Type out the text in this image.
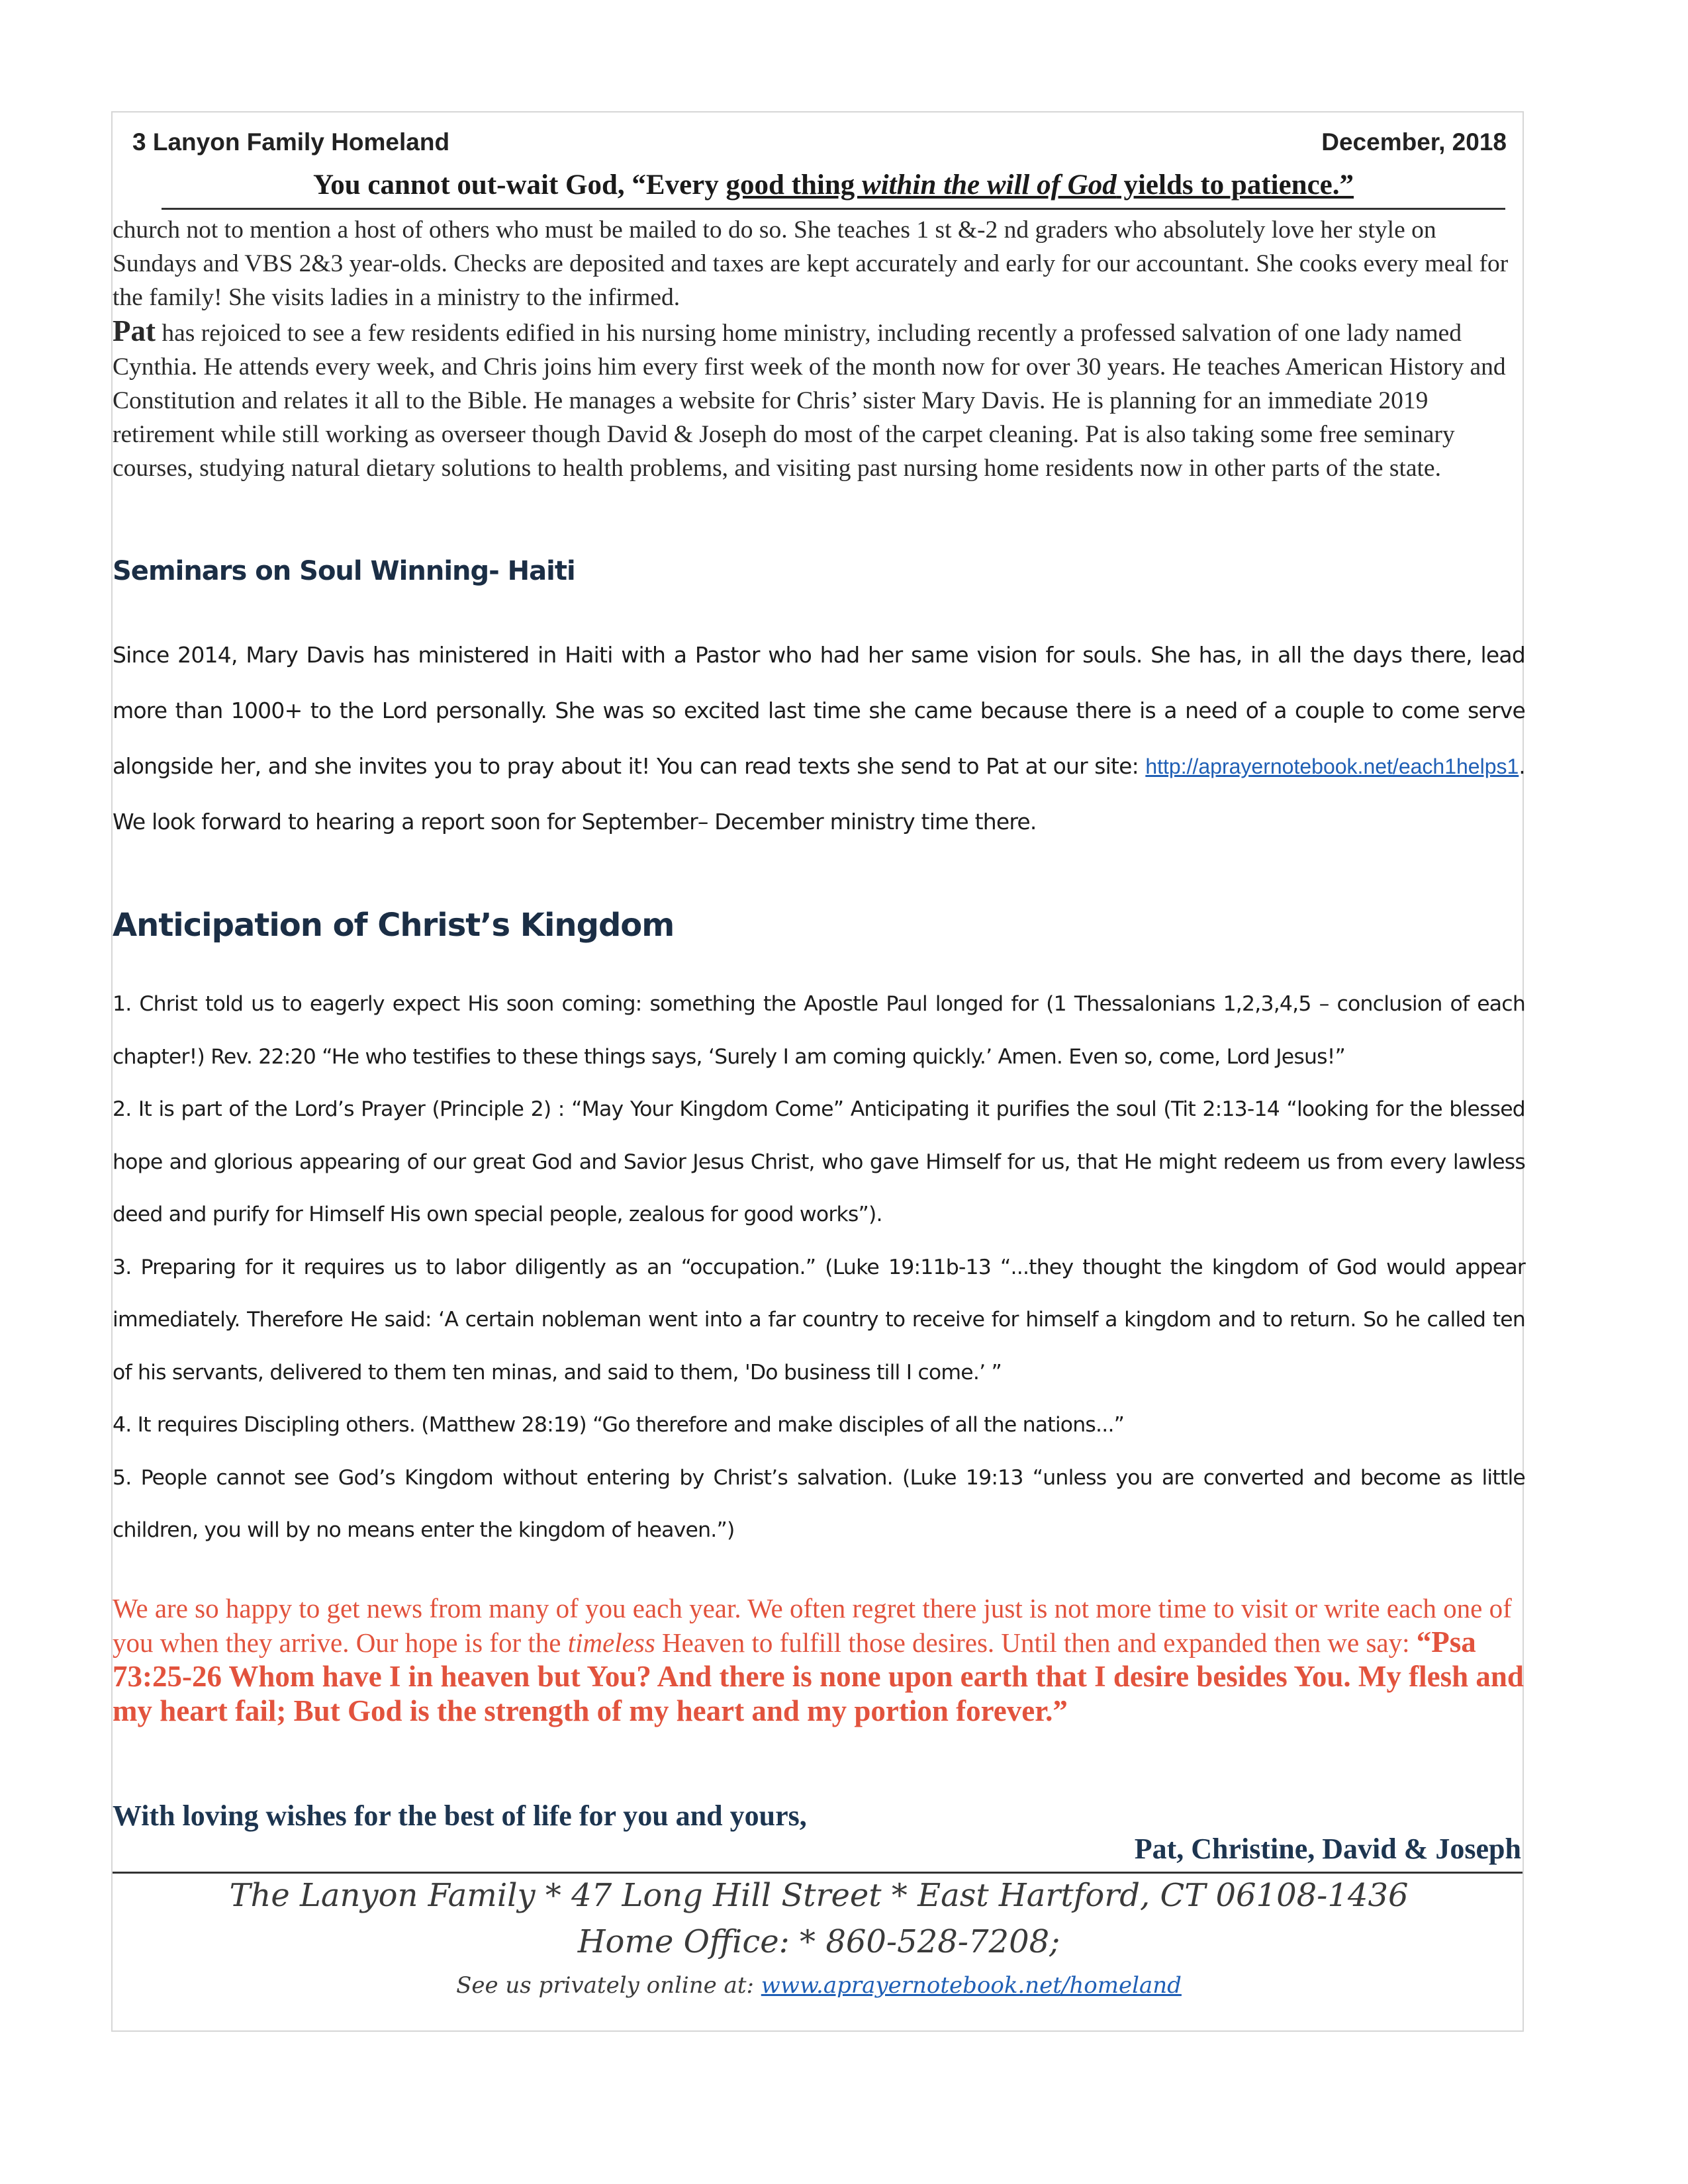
3 Lanyon Family Homeland	December, 2018
You cannot out-wait God, “Every good thing within the will of God yields to patience.”

church not to mention a host of others who must be mailed to do so. She teaches 1 st &-2 nd graders who absolutely love her style on Sundays and VBS 2&3 year-olds. Checks are deposited and taxes are kept accurately and early for our accountant. She cooks every meal for the family! She visits ladies in a ministry to the infirmed.

Pat has rejoiced to see a few residents edified in his nursing home ministry, including recently a professed salvation of one lady named Cynthia. He attends every week, and Chris joins him every first week of the month now for over 30 years. He teaches American History and Constitution and relates it all to the Bible. He manages a website for Chris’ sister Mary Davis. He is planning for an immediate 2019 retirement while still working as overseer though David & Joseph do most of the carpet cleaning. Pat is also taking some free seminary courses, studying natural dietary solutions to health problems, and visiting past nursing home residents now in other parts of the state.

Seminars on Soul Winning- Haiti

Since 2014, Mary Davis has ministered in Haiti with a Pastor who had her same vision for souls. She has, in all the days there, lead more than 1000+ to the Lord personally. She was so excited last time she came because there is a need of a couple to come serve alongside her, and she invites you to pray about it! You can read texts she send to Pat at our site: http://aprayernotebook.net/each1helps1. We look forward to hearing a report soon for September– December ministry time there.

Anticipation of Christ’s Kingdom

1. Christ told us to eagerly expect His soon coming: something the Apostle Paul longed for (1 Thessalonians 1,2,3,4,5 – conclusion of each chapter!) Rev. 22:20 “He who testifies to these things says, ‘Surely I am coming quickly.’ Amen. Even so, come, Lord Jesus!”

2. It is part of the Lord’s Prayer (Principle 2) : “May Your Kingdom Come” Anticipating it purifies the soul (Tit 2:13-14 “looking for the blessed hope and glorious appearing of our great God and Savior Jesus Christ, who gave Himself for us, that He might redeem us from every lawless deed and purify for Himself His own special people, zealous for good works”).

3. Preparing for it requires us to labor diligently as an “occupation.” (Luke 19:11b-13 “...they thought the kingdom of God would appear immediately. Therefore He said: ‘A certain nobleman went into a far country to receive for himself a kingdom and to return. So he called ten of his servants, delivered to them ten minas, and said to them, 'Do business till I come.’ ”

4. It requires Discipling others. (Matthew 28:19) “Go therefore and make disciples of all the nations...”

5. People cannot see God’s Kingdom without entering by Christ’s salvation. (Luke 19:13 “unless you are converted and become as little children, you will by no means enter the kingdom of heaven.”)

We are so happy to get news from many of you each year. We often regret there just is not more time to visit or write each one of you when they arrive. Our hope is for the timeless Heaven to fulfill those desires. Until then and expanded then we say: “Psa 73:25-26 Whom have I in heaven but You? And there is none upon earth that I desire besides You. My flesh and my heart fail; But God is the strength of my heart and my portion forever.”
With loving wishes for the best of life for you and yours,
Pat, Christine, David & Joseph
The Lanyon Family * 47 Long Hill Street * East Hartford, CT 06108-1436
Home Office: * 860-528-7208;
See us privately online at: www.aprayernotebook.net/homeland
